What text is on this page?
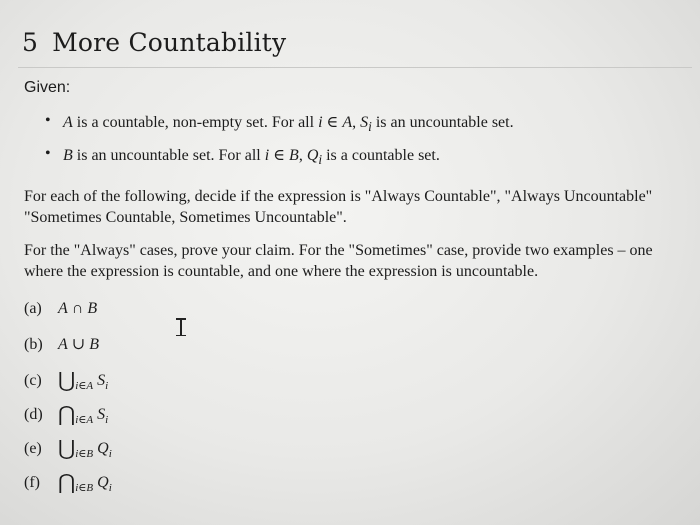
5 More Countability
Given:
• A is a countable, non-empty set. For all i ∈ A, $S_i$ is an uncountable set.
• B is an uncountable set. For all i ∈ B, $Q_i$ is a countable set.
For each of the following, decide if the expression is "Always Countable", "Always Uncountable"
"Sometimes Countable, Sometimes Uncountable".
For the "Always" cases, prove your claim. For the "Sometimes" case, provide two examples – one
where the expression is countable, and one where the expression is uncountable.
(a) A ∩ B
(b) A ∪ B
(c) $⋃_{i\in A}$ $S_i$
(d) $⋂_{i\in A}$ $S_i$
(e) $⋃_{i\in B}$ $Q_i$
(f) $⋂_{i\in B}$ $Q_i$
